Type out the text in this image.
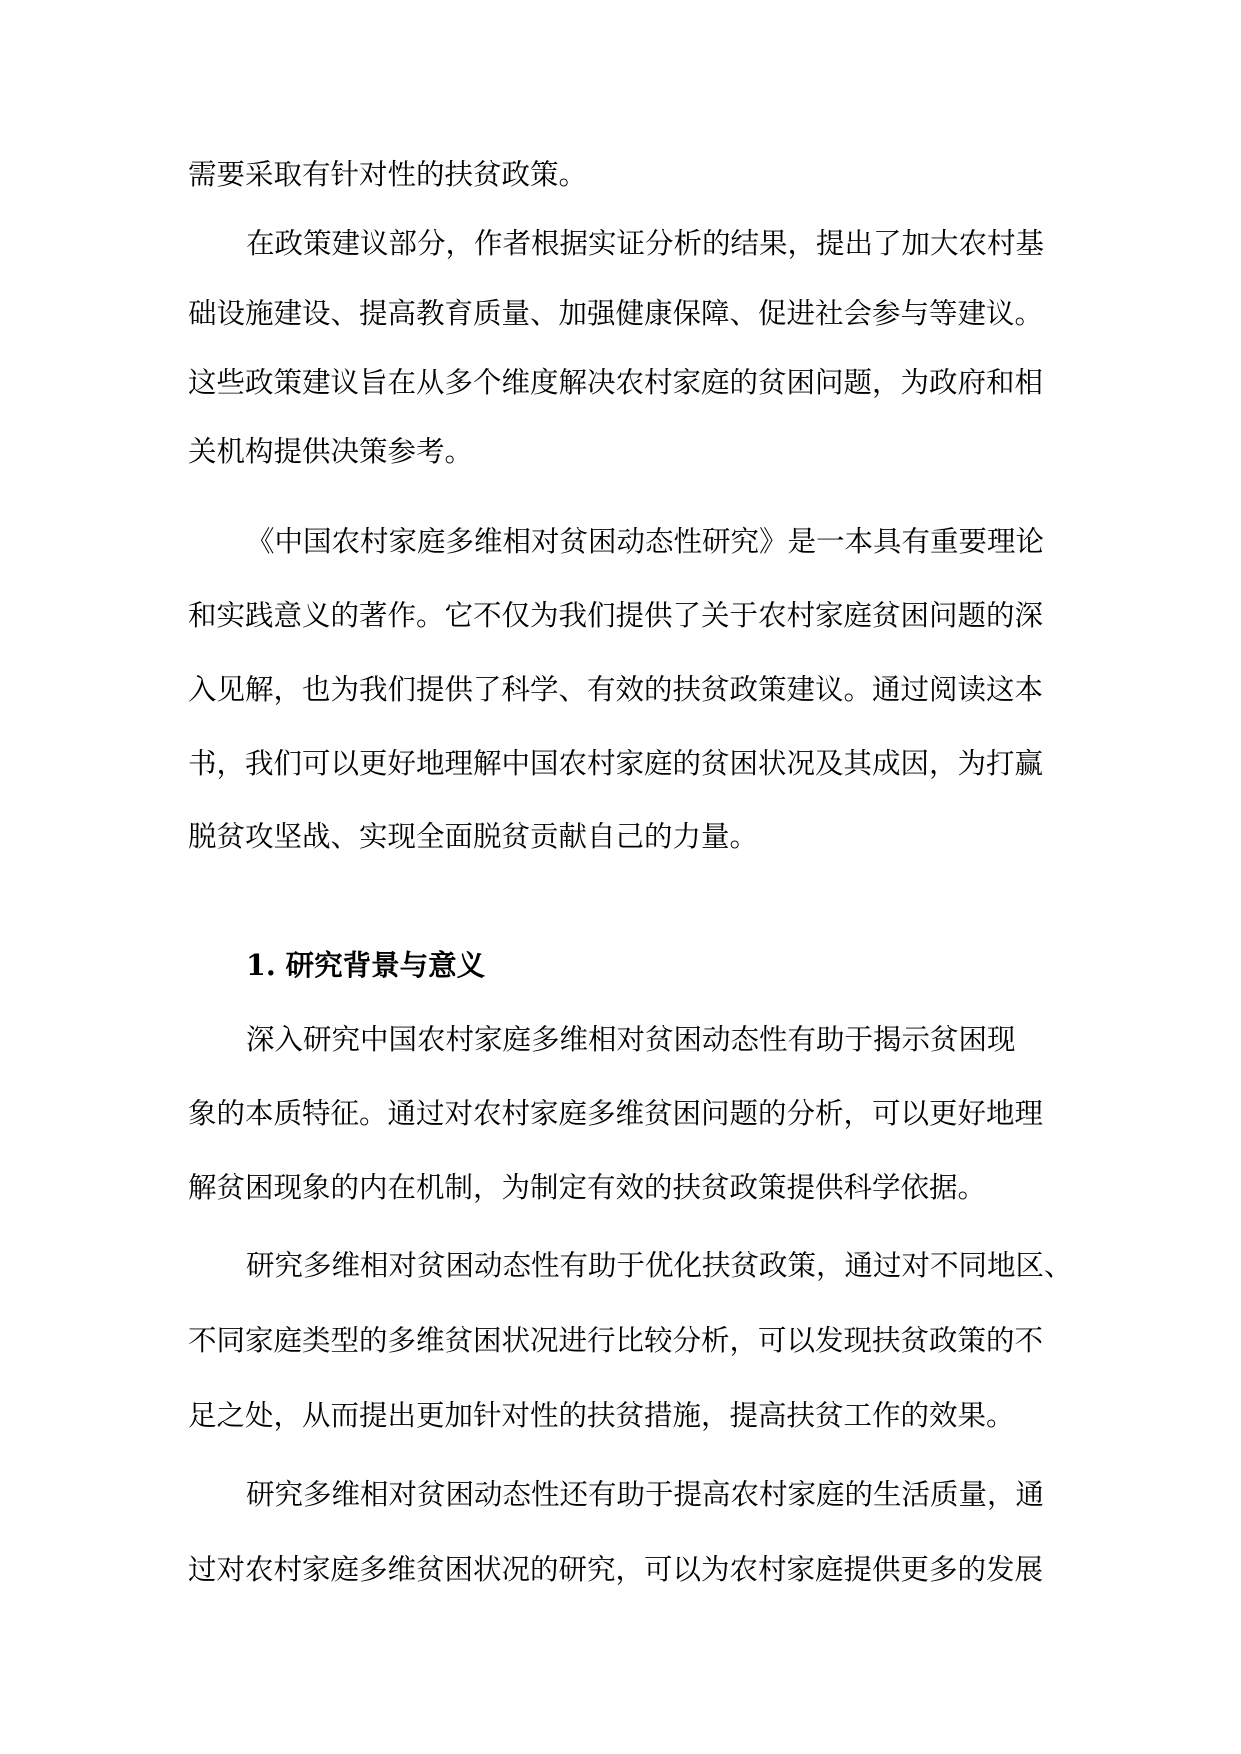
需要采取有针对性的扶贫政策。
在政策建议部分，作者根据实证分析的结果，提出了加大农村基
础设施建设、提高教育质量、加强健康保障、促进社会参与等建议。
这些政策建议旨在从多个维度解决农村家庭的贫困问题，为政府和相
关机构提供决策参考。
《中国农村家庭多维相对贫困动态性研究》是一本具有重要理论
和实践意义的著作。它不仅为我们提供了关于农村家庭贫困问题的深
入见解，也为我们提供了科学、有效的扶贫政策建议。通过阅读这本
书，我们可以更好地理解中国农村家庭的贫困状况及其成因，为打赢
脱贫攻坚战、实现全面脱贫贡献自己的力量。
1. 研究背景与意义
深入研究中国农村家庭多维相对贫困动态性有助于揭示贫困现
象的本质特征。通过对农村家庭多维贫困问题的分析，可以更好地理
解贫困现象的内在机制，为制定有效的扶贫政策提供科学依据。
研究多维相对贫困动态性有助于优化扶贫政策，通过对不同地区、
不同家庭类型的多维贫困状况进行比较分析，可以发现扶贫政策的不
足之处，从而提出更加针对性的扶贫措施，提高扶贫工作的效果。
研究多维相对贫困动态性还有助于提高农村家庭的生活质量，通
过对农村家庭多维贫困状况的研究，可以为农村家庭提供更多的发展
